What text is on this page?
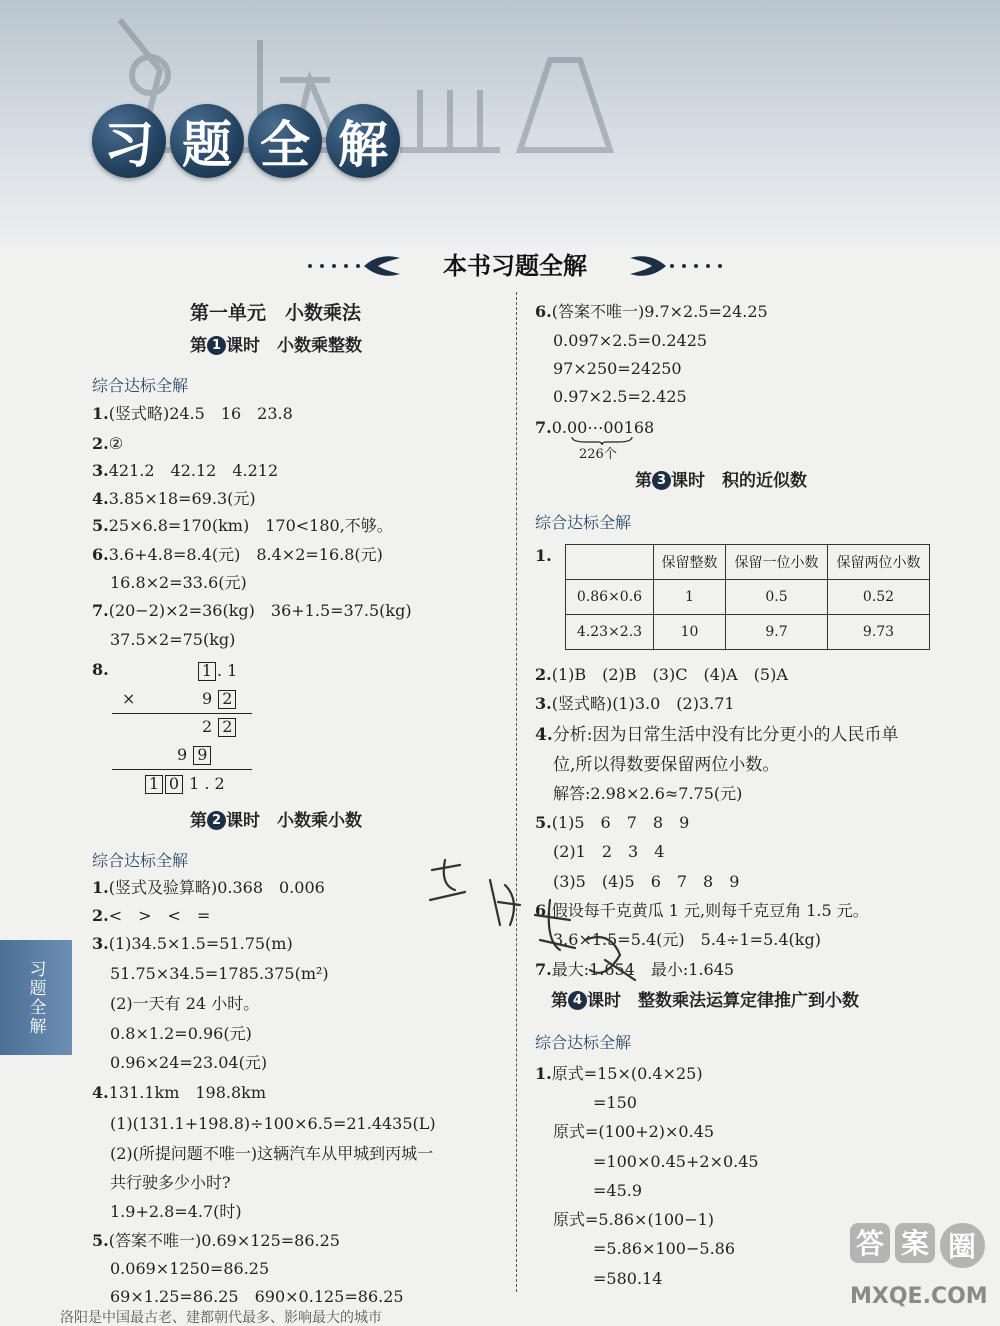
习 题 全 解
本书习题全解
第一单元　小数乘法
第 1 课时　小数乘整数
综合达标全解
1.(竖式略)24.5　16　23.8
2.②
3.421.2　42.12　4.212
4.3.85×18=69.3(元)
5.25×6.8=170(km)　170<180,不够。
6.3.6+4.8=8.4(元)　8.4×2=16.8(元)
16.8×2=33.6(元)
7.(20−2)×2=36(kg)　36+1.5=37.5(kg)
37.5×2=75(kg)
8.	1 . 1
×	9 2
2 2
9 9
1 0 1 . 2
第 2 课时　小数乘小数
综合达标全解
1.(竖式及验算略)0.368　0.006
2.<　>　<　=
3.(1)34.5×1.5=51.75(m)
51.75×34.5=1785.375(m²)
(2)一天有 24 小时。
0.8×1.2=0.96(元)
0.96×24=23.04(元)
4.131.1km　198.8km
(1)(131.1+198.8)÷100×6.5=21.4435(L)
(2)(所提问题不唯一)这辆汽车从甲城到丙城一
共行驶多少小时?
1.9+2.8=4.7(时)
5.(答案不唯一)0.69×125=86.25
0.069×1250=86.25
69×1.25=86.25　690×0.125=86.25
6.(答案不唯一)9.7×2.5=24.25
0.097×2.5=0.2425
97×250=24250
0.97×2.5=2.425
7.0.00⋯00168
226个
第 3 课时　积的近似数
综合达标全解
1.
		保留整数	保留一位小数	保留两位小数
0.86×0.6	1	0.5	0.52
4.23×2.3	10	9.7	9.73
2.(1)B　(2)B　(3)C　(4)A　(5)A
3.(竖式略)(1)3.0　(2)3.71
4.分析:因为日常生活中没有比分更小的人民币单
位,所以得数要保留两位小数。
解答:2.98×2.6≈7.75(元)
5.(1)5　6　7　8　9
(2)1　2　3　4
(3)5　(4)5　6　7　8　9
6.假设每千克黄瓜 1 元,则每千克豆角 1.5 元。
3.6×1.5=5.4(元)　5.4÷1=5.4(kg)
7.最大:1.654　最小:1.645
第 4 课时　整数乘法运算定律推广到小数
综合达标全解
1.原式=15×(0.4×25)
=150
原式=(100+2)×0.45
=100×0.45+2×0.45
=45.9
原式=5.86×(100−1)
=5.86×100−5.86
=580.14
习题全解
洛阳是中国最古老、建都朝代最多、影响最大的城市
答 案 圈
MXQE.COM
